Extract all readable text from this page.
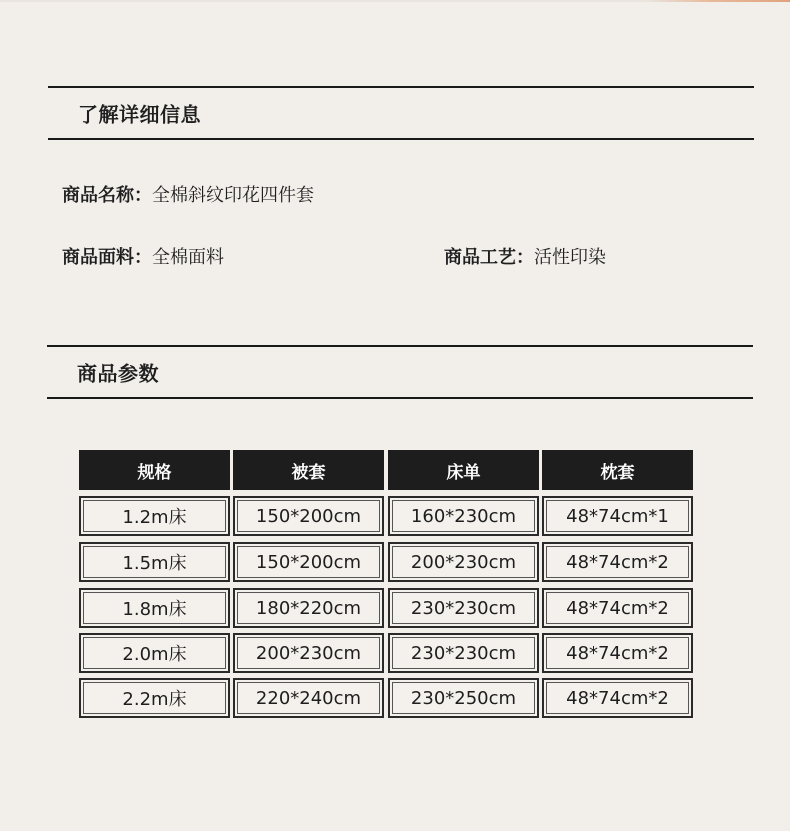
了解详细信息
商品名称：全棉斜纹印花四件套
商品面料：全棉面料	商品工艺：活性印染
商品参数
规格	被套	床单	枕套
1.2m床	150*200cm	160*230cm	48*74cm*1
1.5m床	150*200cm	200*230cm	48*74cm*2
1.8m床	180*220cm	230*230cm	48*74cm*2
2.0m床	200*230cm	230*230cm	48*74cm*2
2.2m床	220*240cm	230*250cm	48*74cm*2
